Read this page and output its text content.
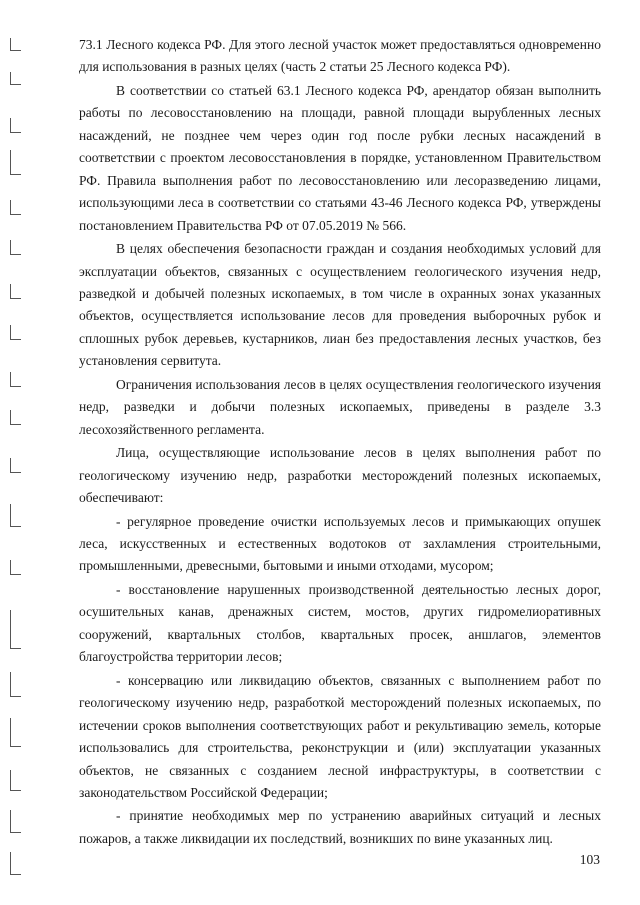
73.1 Лесного кодекса РФ. Для этого лесной участок может предоставляться одновременно для использования в разных целях (часть 2 статьи 25 Лесного кодекса РФ).

В соответствии со статьей 63.1 Лесного кодекса РФ, арендатор обязан выполнить работы по лесовосстановлению на площади, равной площади вырубленных лесных насаждений, не позднее чем через один год после рубки лесных насаждений в соответствии с проектом лесовосстановления в порядке, установленном Правительством РФ. Правила выполнения работ по лесовосстановлению или лесоразведению лицами, использующими леса в соответствии со статьями 43-46 Лесного кодекса РФ, утверждены постановлением Правительства РФ от 07.05.2019 № 566.

В целях обеспечения безопасности граждан и создания необходимых условий для эксплуатации объектов, связанных с осуществлением геологического изучения недр, разведкой и добычей полезных ископаемых, в том числе в охранных зонах указанных объектов, осуществляется использование лесов для проведения выборочных рубок и сплошных рубок деревьев, кустарников, лиан без предоставления лесных участков, без установления сервитута.

Ограничения использования лесов в целях осуществления геологического изучения недр, разведки и добычи полезных ископаемых, приведены в разделе 3.3 лесохозяйственного регламента.

Лица, осуществляющие использование лесов в целях выполнения работ по геологическому изучению недр, разработки месторождений полезных ископаемых, обеспечивают:

- регулярное проведение очистки используемых лесов и примыкающих опушек леса, искусственных и естественных водотоков от захламления строительными, промышленными, древесными, бытовыми и иными отходами, мусором;

- восстановление нарушенных производственной деятельностью лесных дорог, осушительных канав, дренажных систем, мостов, других гидромелиоративных сооружений, квартальных столбов, квартальных просек, аншлагов, элементов благоустройства территории лесов;

- консервацию или ликвидацию объектов, связанных с выполнением работ по геологическому изучению недр, разработкой месторождений полезных ископаемых, по истечении сроков выполнения соответствующих работ и рекультивацию земель, которые использовались для строительства, реконструкции и (или) эксплуатации указанных объектов, не связанных с созданием лесной инфраструктуры, в соответствии с законодательством Российской Федерации;

- принятие необходимых мер по устранению аварийных ситуаций и лесных пожаров, а также ликвидации их последствий, возникших по вине указанных лиц.

103
